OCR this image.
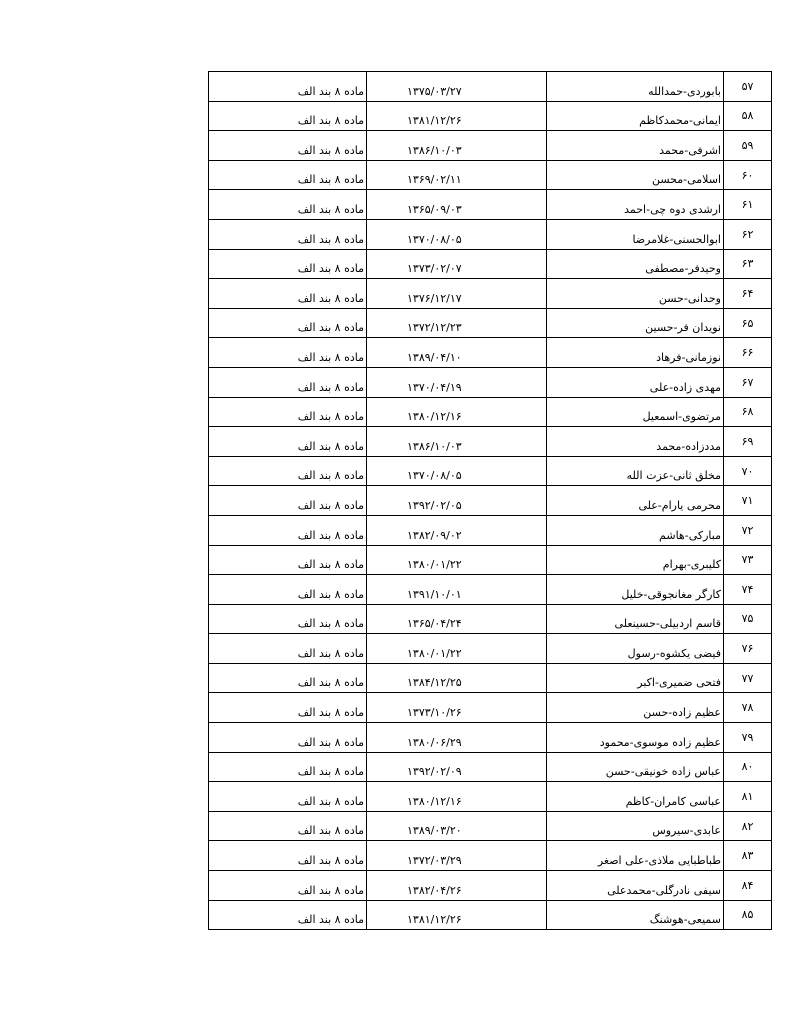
۵۷	بابوردی-حمدالله	۱۳۷۵/۰۳/۲۷	ماده ۸ بند الف
۵۸	ایمانی-محمدکاظم	۱۳۸۱/۱۲/۲۶	ماده ۸ بند الف
۵۹	اشرفی-محمد	۱۳۸۶/۱۰/۰۳	ماده ۸ بند الف
۶۰	اسلامی-محسن	۱۳۶۹/۰۲/۱۱	ماده ۸ بند الف
۶۱	ارشدی دوه چی-احمد	۱۳۶۵/۰۹/۰۳	ماده ۸ بند الف
۶۲	ابوالحسنی-غلامرضا	۱۳۷۰/۰۸/۰۵	ماده ۸ بند الف
۶۳	وحیدفر-مصطفی	۱۳۷۳/۰۲/۰۷	ماده ۸ بند الف
۶۴	وحدانی-حسن	۱۳۷۶/۱۲/۱۷	ماده ۸ بند الف
۶۵	نویدان فر-حسین	۱۳۷۲/۱۲/۲۳	ماده ۸ بند الف
۶۶	نوزمانی-فرهاد	۱۳۸۹/۰۴/۱۰	ماده ۸ بند الف
۶۷	مهدی زاده-علی	۱۳۷۰/۰۴/۱۹	ماده ۸ بند الف
۶۸	مرتضوی-اسمعیل	۱۳۸۰/۱۲/۱۶	ماده ۸ بند الف
۶۹	مددزاده-محمد	۱۳۸۶/۱۰/۰۳	ماده ۸ بند الف
۷۰	مخلق ثانی-عزت الله	۱۳۷۰/۰۸/۰۵	ماده ۸ بند الف
۷۱	محرمی یارام-علی	۱۳۹۲/۰۲/۰۵	ماده ۸ بند الف
۷۲	مبارکی-هاشم	۱۳۸۲/۰۹/۰۲	ماده ۸ بند الف
۷۳	کلیبری-بهرام	۱۳۸۰/۰۱/۲۲	ماده ۸ بند الف
۷۴	کارگر مغانجوقی-خلیل	۱۳۹۱/۱۰/۰۱	ماده ۸ بند الف
۷۵	قاسم اردبیلی-حسینعلی	۱۳۶۵/۰۴/۲۴	ماده ۸ بند الف
۷۶	فیضی یکشوه-رسول	۱۳۸۰/۰۱/۲۲	ماده ۸ بند الف
۷۷	فتحی ضمیری-اکبر	۱۳۸۴/۱۲/۲۵	ماده ۸ بند الف
۷۸	عظیم زاده-حسن	۱۳۷۳/۱۰/۲۶	ماده ۸ بند الف
۷۹	عظیم زاده موسوی-محمود	۱۳۸۰/۰۶/۲۹	ماده ۸ بند الف
۸۰	عباس زاده خونیقی-حسن	۱۳۹۲/۰۲/۰۹	ماده ۸ بند الف
۸۱	عباسی کامران-کاظم	۱۳۸۰/۱۲/۱۶	ماده ۸ بند الف
۸۲	عابدی-سیروس	۱۳۸۹/۰۳/۲۰	ماده ۸ بند الف
۸۳	طباطبایی ملاذی-علی اصغر	۱۳۷۲/۰۳/۲۹	ماده ۸ بند الف
۸۴	سیفی نادرگلی-محمدعلی	۱۳۸۲/۰۴/۲۶	ماده ۸ بند الف
۸۵	سمیعی-هوشنگ	۱۳۸۱/۱۲/۲۶	ماده ۸ بند الف
